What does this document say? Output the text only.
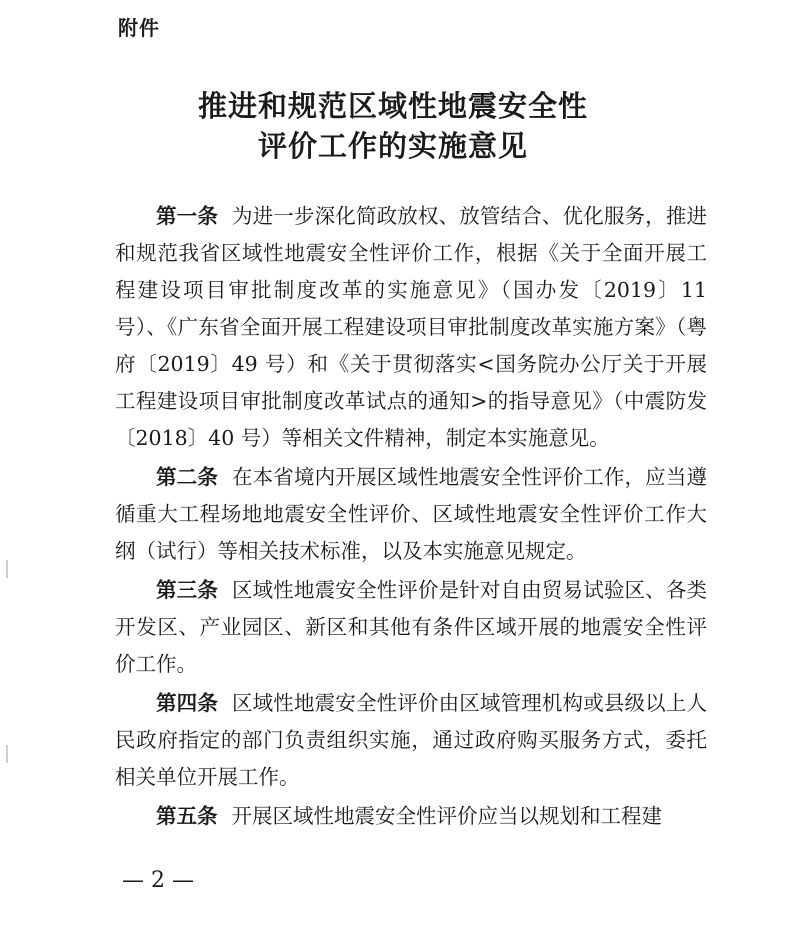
附件
推进和规范区域性地震安全性
评价工作的实施意见

第一条 为进一步深化简政放权、放管结合、优化服务，推进和规范我省区域性地震安全性评价工作，根据《关于全面开展工程建设项目审批制度改革的实施意见》（国办发〔2019〕11 号）、《广东省全面开展工程建设项目审批制度改革实施方案》（粤府〔2019〕49 号）和《关于贯彻落实<国务院办公厅关于开展工程建设项目审批制度改革试点的通知>的指导意见》（中震防发〔2018〕40 号）等相关文件精神，制定本实施意见。

第二条 在本省境内开展区域性地震安全性评价工作，应当遵循重大工程场地地震安全性评价、区域性地震安全性评价工作大纲（试行）等相关技术标准，以及本实施意见规定。

第三条 区域性地震安全性评价是针对自由贸易试验区、各类开发区、产业园区、新区和其他有条件区域开展的地震安全性评价工作。

第四条 区域性地震安全性评价由区域管理机构或县级以上人民政府指定的部门负责组织实施，通过政府购买服务方式，委托相关单位开展工作。

第五条 开展区域性地震安全性评价应当以规划和工程建

— 2 —
